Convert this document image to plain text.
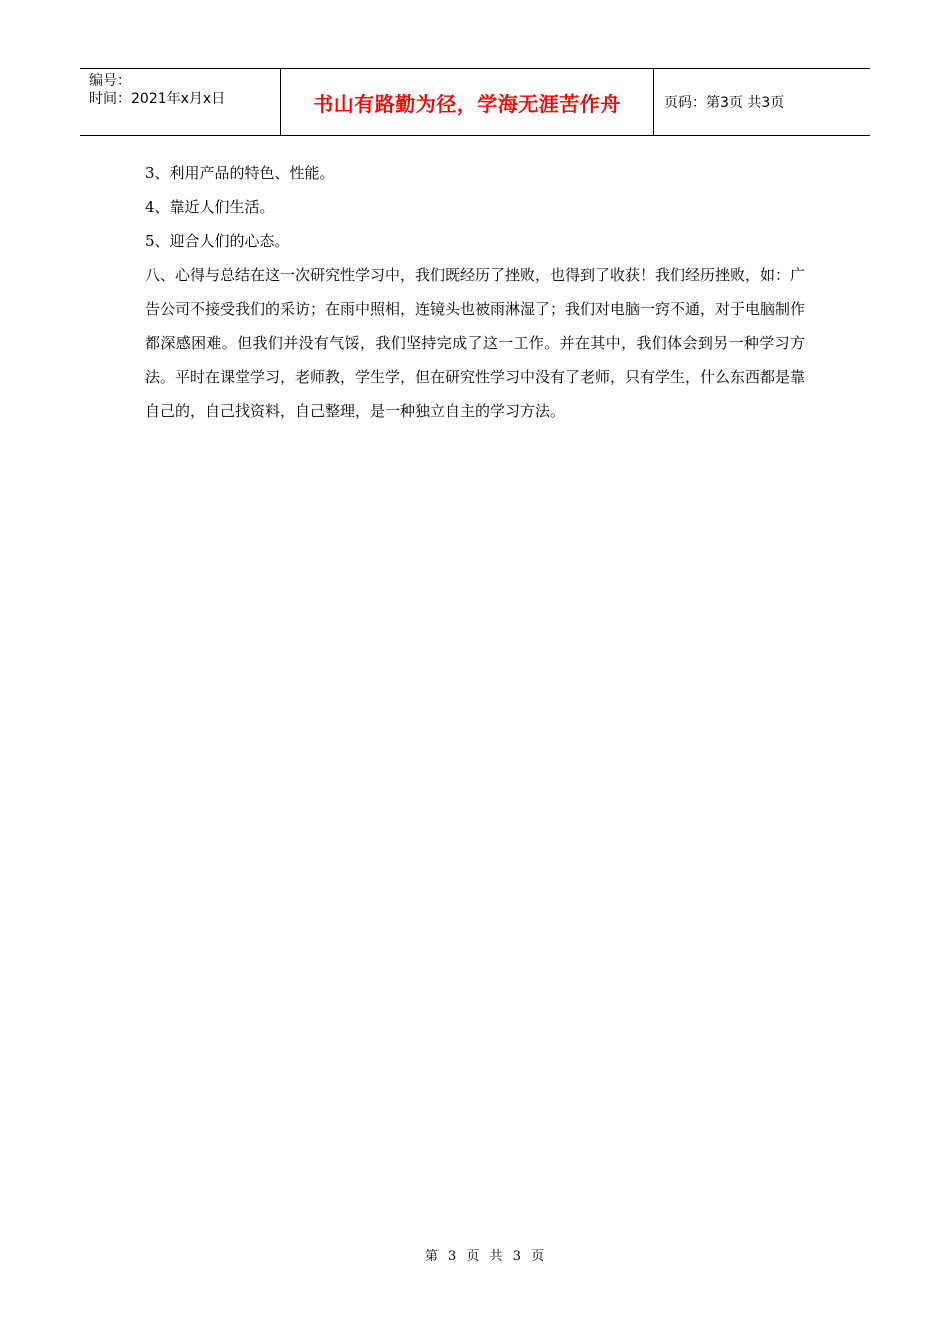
编号：
时间：2021年x月x日	书山有路勤为径，学海无涯苦作舟	页码：第3页 共3页

3、利用产品的特色、性能。

4、靠近人们生活。

5、迎合人们的心态。

八、心得与总结在这一次研究性学习中，我们既经历了挫败，也得到了收获！我们经历挫败，如：广告公司不接受我们的采访；在雨中照相，连镜头也被雨淋湿了；我们对电脑一窍不通，对于电脑制作都深感困难。但我们并没有气馁，我们坚持完成了这一工作。并在其中，我们体会到另一种学习方法。平时在课堂学习，老师教，学生学，但在研究性学习中没有了老师，只有学生，什么东西都是靠自己的，自己找资料，自己整理，是一种独立自主的学习方法。

第 3 页 共 3 页
